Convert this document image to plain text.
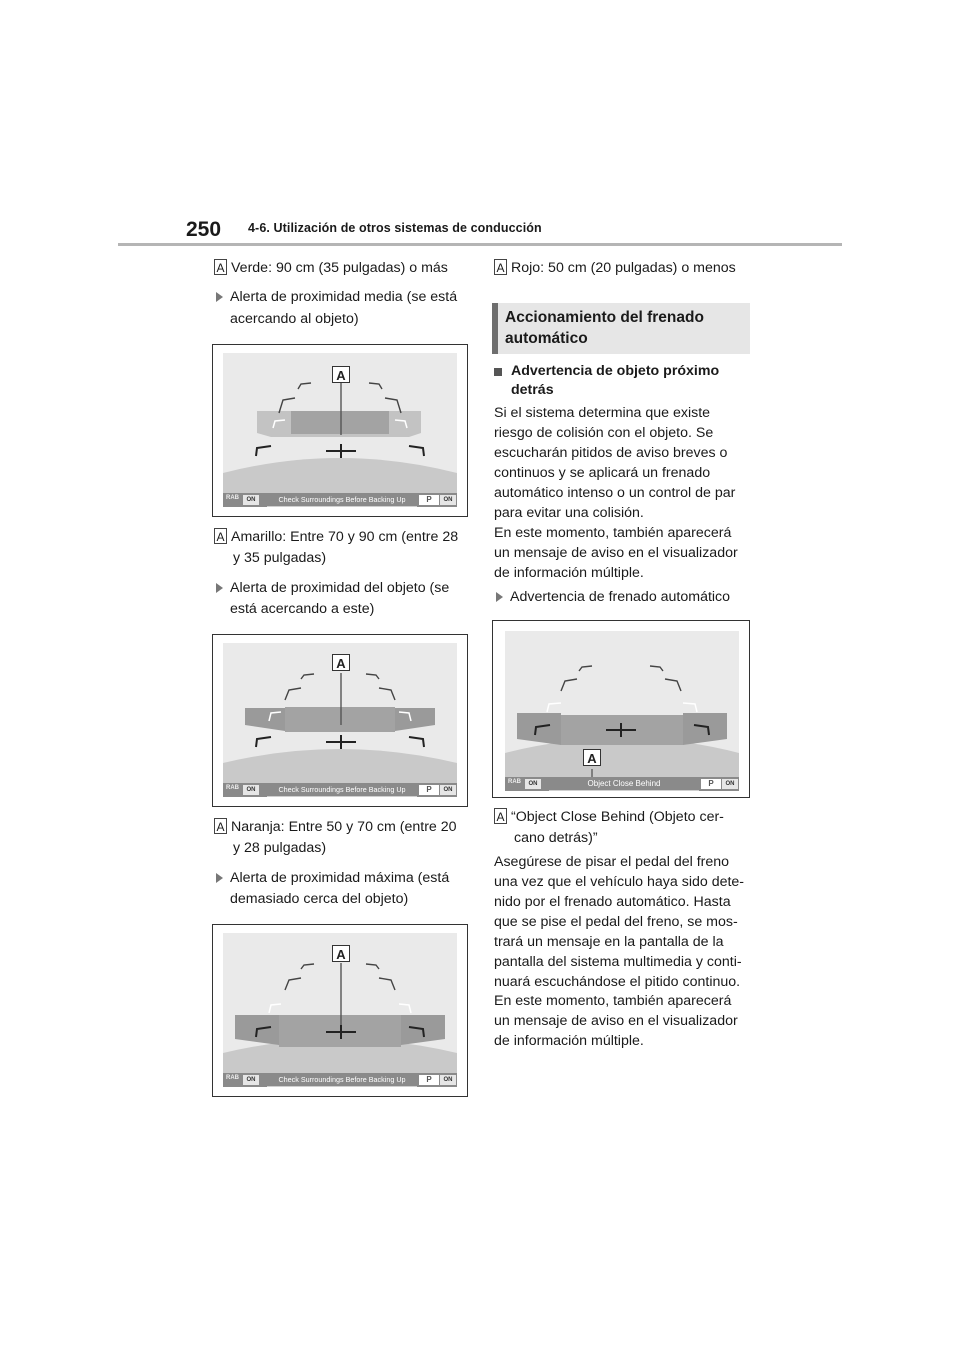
250 4-6. Utilización de otros sistemas de conducción
A Verde: 90 cm (35 pulgadas) o más
Alerta de proximidad media (se está
acercando al objeto)
A
RAB	ON	Check Surroundings Before Backing Up	P	ON
A Amarillo: Entre 70 y 90 cm (entre 28
y 35 pulgadas)
Alerta de proximidad del objeto (se
está acercando a este)
A
RAB	ON	Check Surroundings Before Backing Up	P	ON
A Naranja: Entre 50 y 70 cm (entre 20
y 28 pulgadas)
Alerta de proximidad máxima (está
demasiado cerca del objeto)
A
RAB	ON	Check Surroundings Before Backing Up	P	ON
A Rojo: 50 cm (20 pulgadas) o menos
Accionamiento del frenado
automático
Advertencia de objeto próximo
detrás
Si el sistema determina que existe
riesgo de colisión con el objeto. Se
escucharán pitidos de aviso breves o
continuos y se aplicará un frenado
automático intenso o un control de par
para evitar una colisión.
En este momento, también aparecerá
un mensaje de aviso en el visualizador
de información múltiple.
Advertencia de frenado automático
A
RAB	ON	Object Close Behind	P	ON
A “Object Close Behind (Objeto cer-
cano detrás)”
Asegúrese de pisar el pedal del freno
una vez que el vehículo haya sido dete-
nido por el frenado automático. Hasta
que se pise el pedal del freno, se mos-
trará un mensaje en la pantalla de la
pantalla del sistema multimedia y conti-
nuará escuchándose el pitido continuo.
En este momento, también aparecerá
un mensaje de aviso en el visualizador
de información múltiple.
